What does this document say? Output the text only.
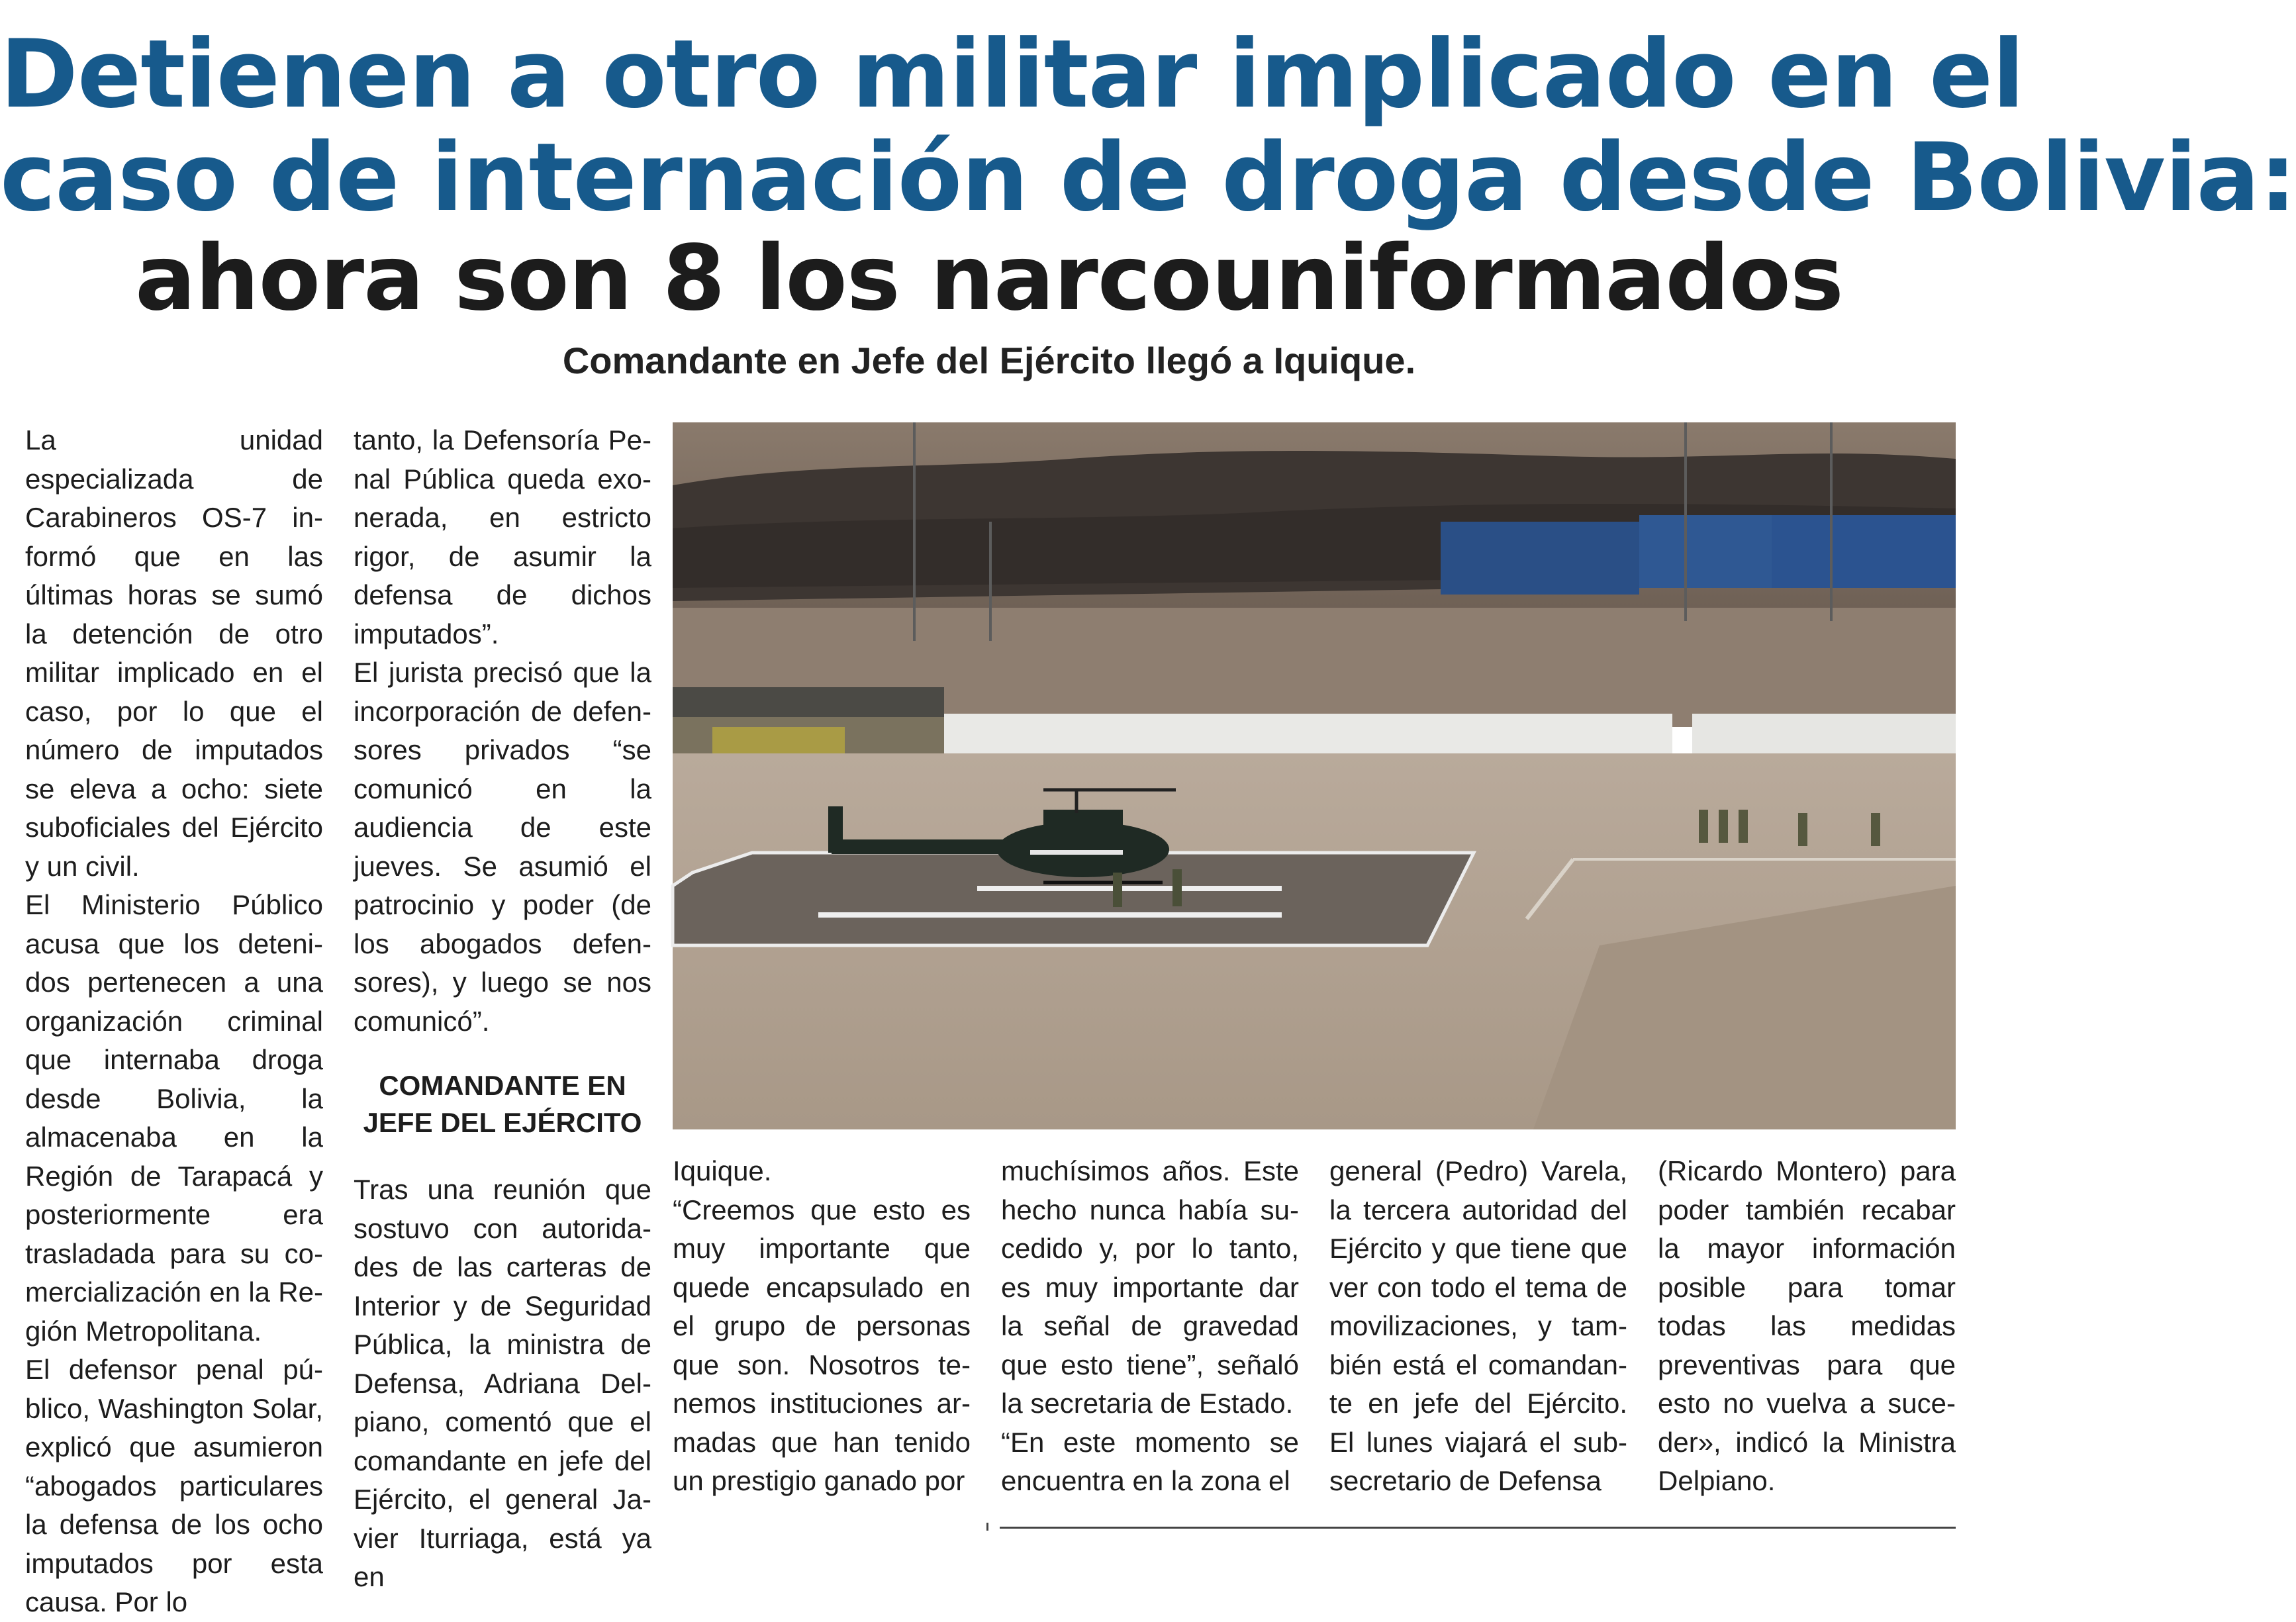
Detienen a otro militar implicado en el
caso de internación de droga desde Bolivia:
ahora son 8 los narcouniformados
Comandante en Jefe del Ejército llegó a Iquique.

La unidad especializada de Carabineros OS-7 informó que en las últimas horas se sumó la detención de otro militar implicado en el caso, por lo que el número de imputados se eleva a ocho: siete suboficiales del Ejército y un civil.

El Ministerio Público acusa que los detenidos pertenecen a una organización criminal que internaba droga desde Bolivia, la almacenaba en la Región de Tarapacá y posteriormente era trasladada para su comercialización en la Región Metropolitana.

El defensor penal público, Washington Solar, explicó que asumieron “abogados particulares la defensa de los ocho imputados por esta causa. Por lo

tanto, la Defensoría Penal Pública queda exonerada, en estricto rigor, de asumir la defensa de dichos imputados”.

El jurista precisó que la incorporación de defensores privados “se comunicó en la audiencia de este jueves. Se asumió el patrocinio y poder (de los abogados defensores), y luego se nos comunicó”.

COMANDANTE EN JEFE DEL EJÉRCITO

Tras una reunión que sostuvo con autoridades de las carteras de Interior y de Seguridad Pública, la ministra de Defensa, Adriana Delpiano, comentó que el comandante en jefe del Ejército, el general Javier Iturriaga, está ya en

Iquique.

“Creemos que esto es muy importante que quede encapsulado en el grupo de personas que son. Nosotros tenemos instituciones armadas que han tenido un prestigio ganado por

muchísimos años. Este hecho nunca había sucedido y, por lo tanto, es muy importante dar la señal de gravedad que esto tiene”, señaló la secretaria de Estado.

“En este momento se encuentra en la zona el

general (Pedro) Varela, la tercera autoridad del Ejército y que tiene que ver con todo el tema de movilizaciones, y también está el comandante en jefe del Ejército. El lunes viajará el subsecretario de Defensa

(Ricardo Montero) para poder también recabar la mayor información posible para tomar todas las medidas preventivas para que esto no vuelva a suceder», indicó la Ministra Delpiano.
